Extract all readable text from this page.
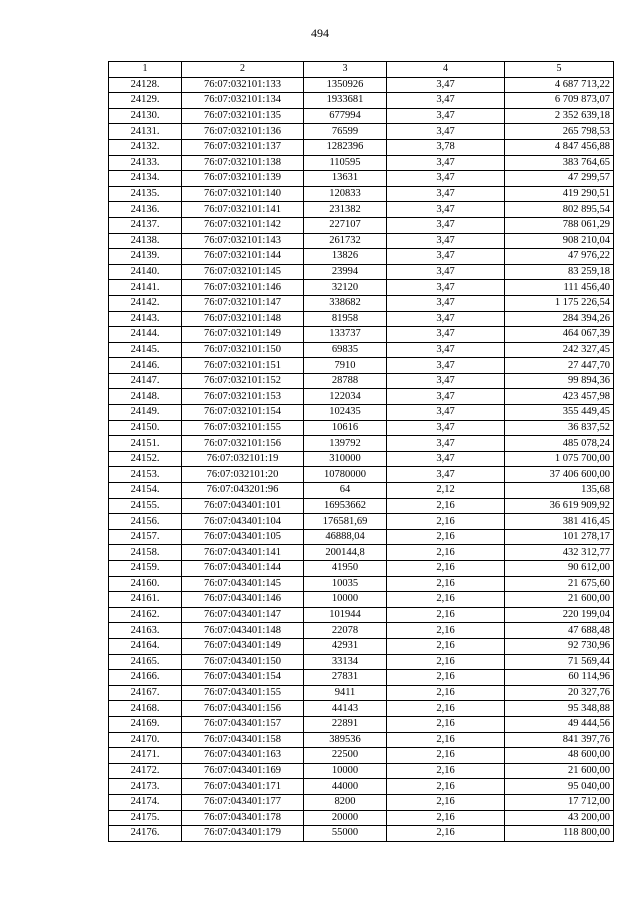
494
1	2	3	4	5
24128.	76:07:032101:133	1350926	3,47	4 687 713,22
24129.	76:07:032101:134	1933681	3,47	6 709 873,07
24130.	76:07:032101:135	677994	3,47	2 352 639,18
24131.	76:07:032101:136	76599	3,47	265 798,53
24132.	76:07:032101:137	1282396	3,78	4 847 456,88
24133.	76:07:032101:138	110595	3,47	383 764,65
24134.	76:07:032101:139	13631	3,47	47 299,57
24135.	76:07:032101:140	120833	3,47	419 290,51
24136.	76:07:032101:141	231382	3,47	802 895,54
24137.	76:07:032101:142	227107	3,47	788 061,29
24138.	76:07:032101:143	261732	3,47	908 210,04
24139.	76:07:032101:144	13826	3,47	47 976,22
24140.	76:07:032101:145	23994	3,47	83 259,18
24141.	76:07:032101:146	32120	3,47	111 456,40
24142.	76:07:032101:147	338682	3,47	1 175 226,54
24143.	76:07:032101:148	81958	3,47	284 394,26
24144.	76:07:032101:149	133737	3,47	464 067,39
24145.	76:07:032101:150	69835	3,47	242 327,45
24146.	76:07:032101:151	7910	3,47	27 447,70
24147.	76:07:032101:152	28788	3,47	99 894,36
24148.	76:07:032101:153	122034	3,47	423 457,98
24149.	76:07:032101:154	102435	3,47	355 449,45
24150.	76:07:032101:155	10616	3,47	36 837,52
24151.	76:07:032101:156	139792	3,47	485 078,24
24152.	76:07:032101:19	310000	3,47	1 075 700,00
24153.	76:07:032101:20	10780000	3,47	37 406 600,00
24154.	76:07:043201:96	64	2,12	135,68
24155.	76:07:043401:101	16953662	2,16	36 619 909,92
24156.	76:07:043401:104	176581,69	2,16	381 416,45
24157.	76:07:043401:105	46888,04	2,16	101 278,17
24158.	76:07:043401:141	200144,8	2,16	432 312,77
24159.	76:07:043401:144	41950	2,16	90 612,00
24160.	76:07:043401:145	10035	2,16	21 675,60
24161.	76:07:043401:146	10000	2,16	21 600,00
24162.	76:07:043401:147	101944	2,16	220 199,04
24163.	76:07:043401:148	22078	2,16	47 688,48
24164.	76:07:043401:149	42931	2,16	92 730,96
24165.	76:07:043401:150	33134	2,16	71 569,44
24166.	76:07:043401:154	27831	2,16	60 114,96
24167.	76:07:043401:155	9411	2,16	20 327,76
24168.	76:07:043401:156	44143	2,16	95 348,88
24169.	76:07:043401:157	22891	2,16	49 444,56
24170.	76:07:043401:158	389536	2,16	841 397,76
24171.	76:07:043401:163	22500	2,16	48 600,00
24172.	76:07:043401:169	10000	2,16	21 600,00
24173.	76:07:043401:171	44000	2,16	95 040,00
24174.	76:07:043401:177	8200	2,16	17 712,00
24175.	76:07:043401:178	20000	2,16	43 200,00
24176.	76:07:043401:179	55000	2,16	118 800,00
